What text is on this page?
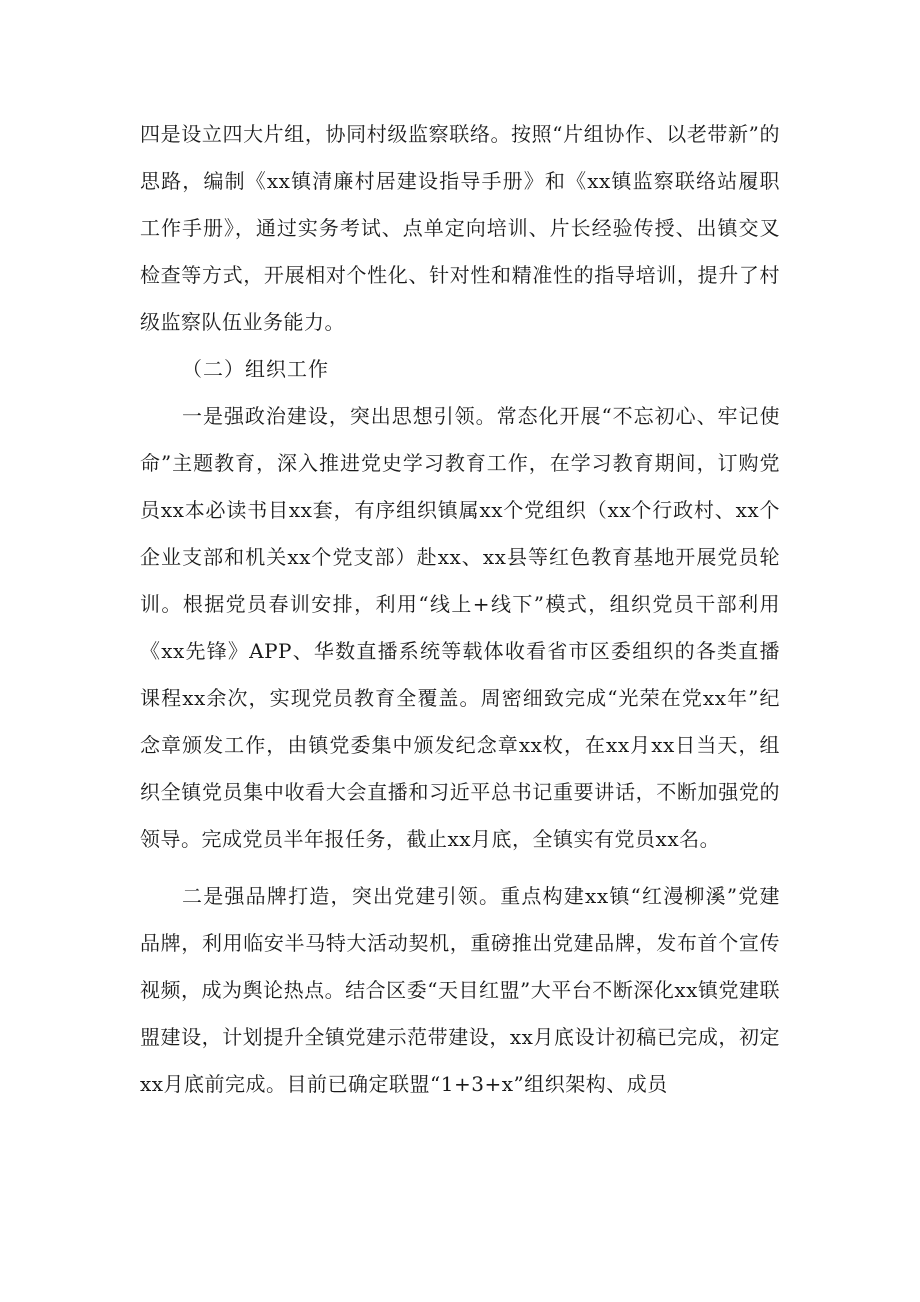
四是设立四大片组，协同村级监察联络。按照“片组协作、以老带新”的思路，编制《xx镇清廉村居建设指导手册》和《xx镇监察联络站履职工作手册》，通过实务考试、点单定向培训、片长经验传授、出镇交叉检查等方式，开展相对个性化、针对性和精准性的指导培训，提升了村级监察队伍业务能力。

（二）组织工作

一是强政治建设，突出思想引领。常态化开展“不忘初心、牢记使命”主题教育，深入推进党史学习教育工作，在学习教育期间，订购党员xx本必读书目xx套，有序组织镇属xx个党组织（xx个行政村、xx个企业支部和机关xx个党支部）赴xx、xx县等红色教育基地开展党员轮训。根据党员春训安排，利用“线上+线下”模式，组织党员干部利用《xx先锋》APP、华数直播系统等载体收看省市区委组织的各类直播课程xx余次，实现党员教育全覆盖。周密细致完成“光荣在党xx年”纪念章颁发工作，由镇党委集中颁发纪念章xx枚，在xx月xx日当天，组织全镇党员集中收看大会直播和习近平总书记重要讲话，不断加强党的领导。完成党员半年报任务，截止xx月底，全镇实有党员xx名。

二是强品牌打造，突出党建引领。重点构建xx镇“红漫柳溪”党建品牌，利用临安半马特大活动契机，重磅推出党建品牌，发布首个宣传视频，成为舆论热点。结合区委“天目红盟”大平台不断深化xx镇党建联盟建设，计划提升全镇党建示范带建设，xx月底设计初稿已完成，初定xx月底前完成。目前已确定联盟“1+3+x”组织架构、成员
